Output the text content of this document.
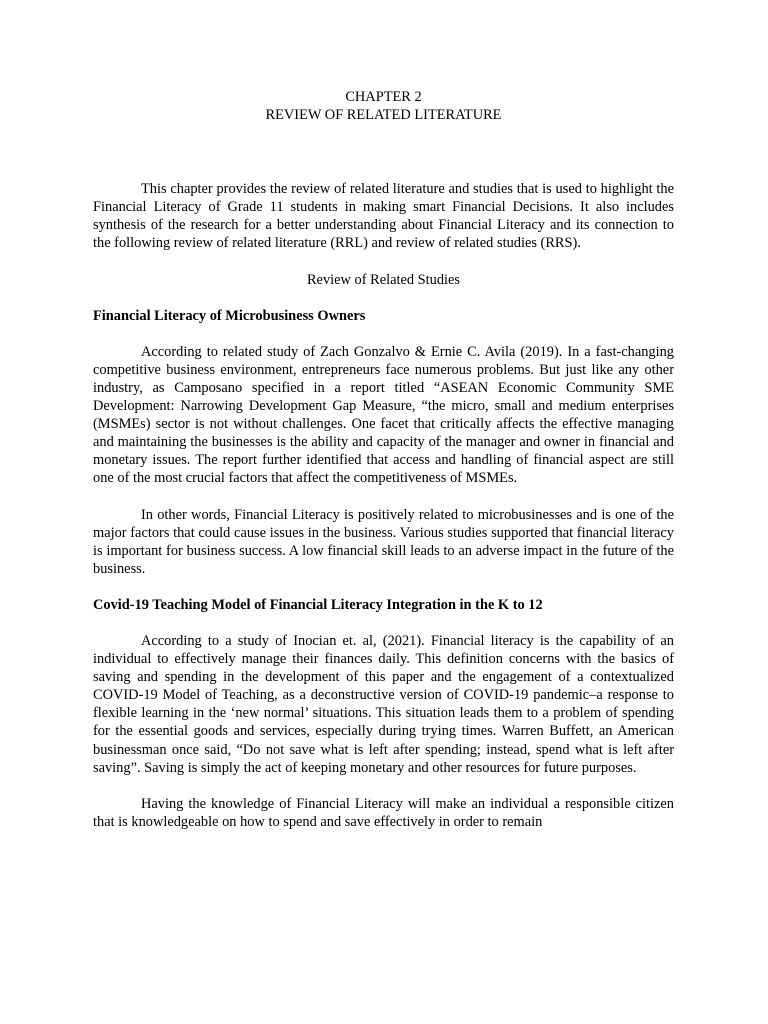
CHAPTER 2
REVIEW OF RELATED LITERATURE

This chapter provides the review of related literature and studies that is used to highlight the Financial Literacy of Grade 11 students in making smart Financial Decisions. It also includes synthesis of the research for a better understanding about Financial Literacy and its connection to the following review of related literature (RRL) and review of related studies (RRS).

Review of Related Studies
Financial Literacy of Microbusiness Owners

According to related study of Zach Gonzalvo & Ernie C. Avila (2019). In a fast-changing competitive business environment, entrepreneurs face numerous problems. But just like any other industry, as Camposano specified in a report titled “ASEAN Economic Community SME Development: Narrowing Development Gap Measure, “the micro, small and medium enterprises (MSMEs) sector is not without challenges. One facet that critically affects the effective managing and maintaining the businesses is the ability and capacity of the manager and owner in financial and monetary issues. The report further identified that access and handling of financial aspect are still one of the most crucial factors that affect the competitiveness of MSMEs.

In other words, Financial Literacy is positively related to microbusinesses and is one of the major factors that could cause issues in the business. Various studies supported that financial literacy is important for business success. A low financial skill leads to an adverse impact in the future of the business.

Covid-19 Teaching Model of Financial Literacy Integration in the K to 12

According to a study of Inocian et. al, (2021). Financial literacy is the capability of an individual to effectively manage their finances daily. This definition concerns with the basics of saving and spending in the development of this paper and the engagement of a contextualized COVID-19 Model of Teaching, as a deconstructive version of COVID-19 pandemic–a response to flexible learning in the ‘new normal’ situations. This situation leads them to a problem of spending for the essential goods and services, especially during trying times. Warren Buffett, an American businessman once said, “Do not save what is left after spending; instead, spend what is left after saving”. Saving is simply the act of keeping monetary and other resources for future purposes.

Having the knowledge of Financial Literacy will make an individual a responsible citizen that is knowledgeable on how to spend and save effectively in order to remain
